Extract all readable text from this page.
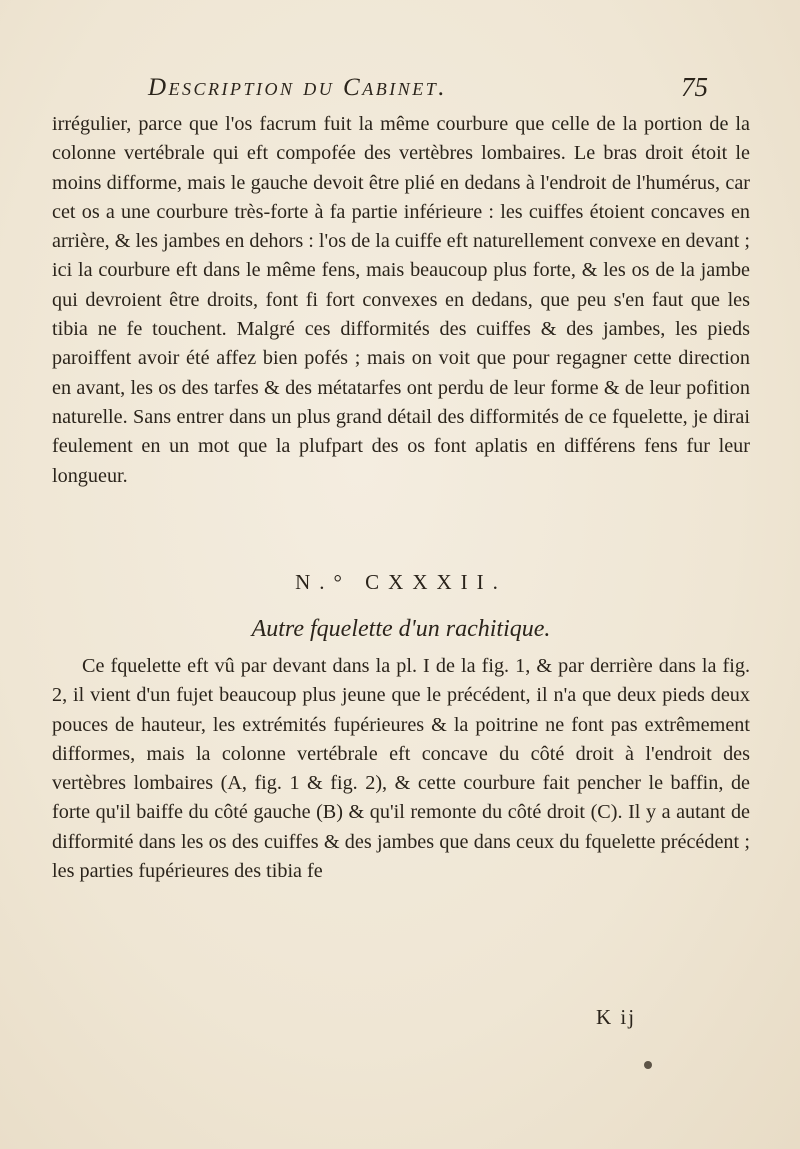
Description du Cabinet.	75

irrégulier, parce que l'os facrum fuit la même courbure que celle de la portion de la colonne vertébrale qui eft compofée des vertèbres lombaires. Le bras droit étoit le moins difforme, mais le gauche devoit être plié en dedans à l'endroit de l'humérus, car cet os a une courbure très-forte à fa partie inférieure : les cuiffes étoient concaves en arrière, & les jambes en dehors : l'os de la cuiffe eft naturellement convexe en devant ; ici la courbure eft dans le même fens, mais beaucoup plus forte, & les os de la jambe qui devroient être droits, font fi fort convexes en dedans, que peu s'en faut que les tibia ne fe touchent. Malgré ces difformités des cuiffes & des jambes, les pieds paroiffent avoir été affez bien pofés ; mais on voit que pour regagner cette direction en avant, les os des tarfes & des métatarfes ont perdu de leur forme & de leur pofition naturelle. Sans entrer dans un plus grand détail des difformités de ce fquelette, je dirai feulement en un mot que la plufpart des os font aplatis en différens fens fur leur longueur.

N.° CXXXII.
Autre fquelette d'un rachitique.

Ce fquelette eft vû par devant dans la pl. I de la fig. 1, & par derrière dans la fig. 2, il vient d'un fujet beaucoup plus jeune que le précédent, il n'a que deux pieds deux pouces de hauteur, les extrémités fupérieures & la poitrine ne font pas extrêmement difformes, mais la colonne vertébrale eft concave du côté droit à l'endroit des vertèbres lombaires (A, fig. 1 & fig. 2), & cette courbure fait pencher le baffin, de forte qu'il baiffe du côté gauche (B) & qu'il remonte du côté droit (C). Il y a autant de difformité dans les os des cuiffes & des jambes que dans ceux du fquelette précédent ; les parties fupérieures des tibia fe

K ij
